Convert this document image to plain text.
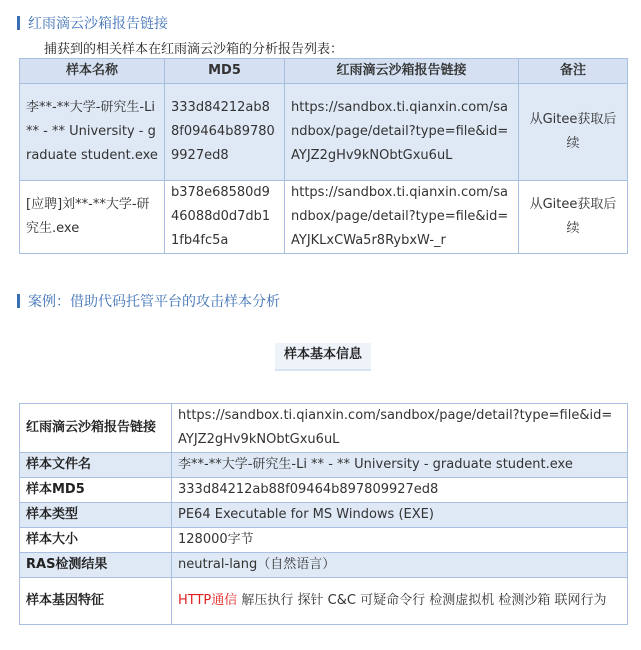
红雨滴云沙箱报告链接
捕获到的相关样本在红雨滴云沙箱的分析报告列表：
样本名称	MD5	红雨滴云沙箱报告链接	备注
李**-**大学-研究生-Li ** - ** University - graduate student.exe	333d84212ab88f09464b897809927ed8	https://sandbox.ti.qianxin.com/sandbox/page/detail?type=file&id=AYJZ2gHv9kNObtGxu6uL	从Gitee获取后续
[应聘]刘**-**大学-研究生.exe	b378e68580d946088d0d7db11fb4fc5a	https://sandbox.ti.qianxin.com/sandbox/page/detail?type=file&id=AYJKLxCWa5r8RybxW-_r	从Gitee获取后续
案例：借助代码托管平台的攻击样本分析
样本基本信息
红雨滴云沙箱报告链接	https://sandbox.ti.qianxin.com/sandbox/page/detail?type=file&id=AYJZ2gHv9kNObtGxu6uL
样本文件名	李**-**大学-研究生-Li ** - ** University - graduate student.exe
样本MD5	333d84212ab88f09464b897809927ed8
样本类型	PE64 Executable for MS Windows (EXE)
样本大小	128000字节
RAS检测结果	neutral-lang（自然语言）
样本基因特征	HTTP通信 解压执行 探针 C&C 可疑命令行 检测虚拟机 检测沙箱 联网行为
